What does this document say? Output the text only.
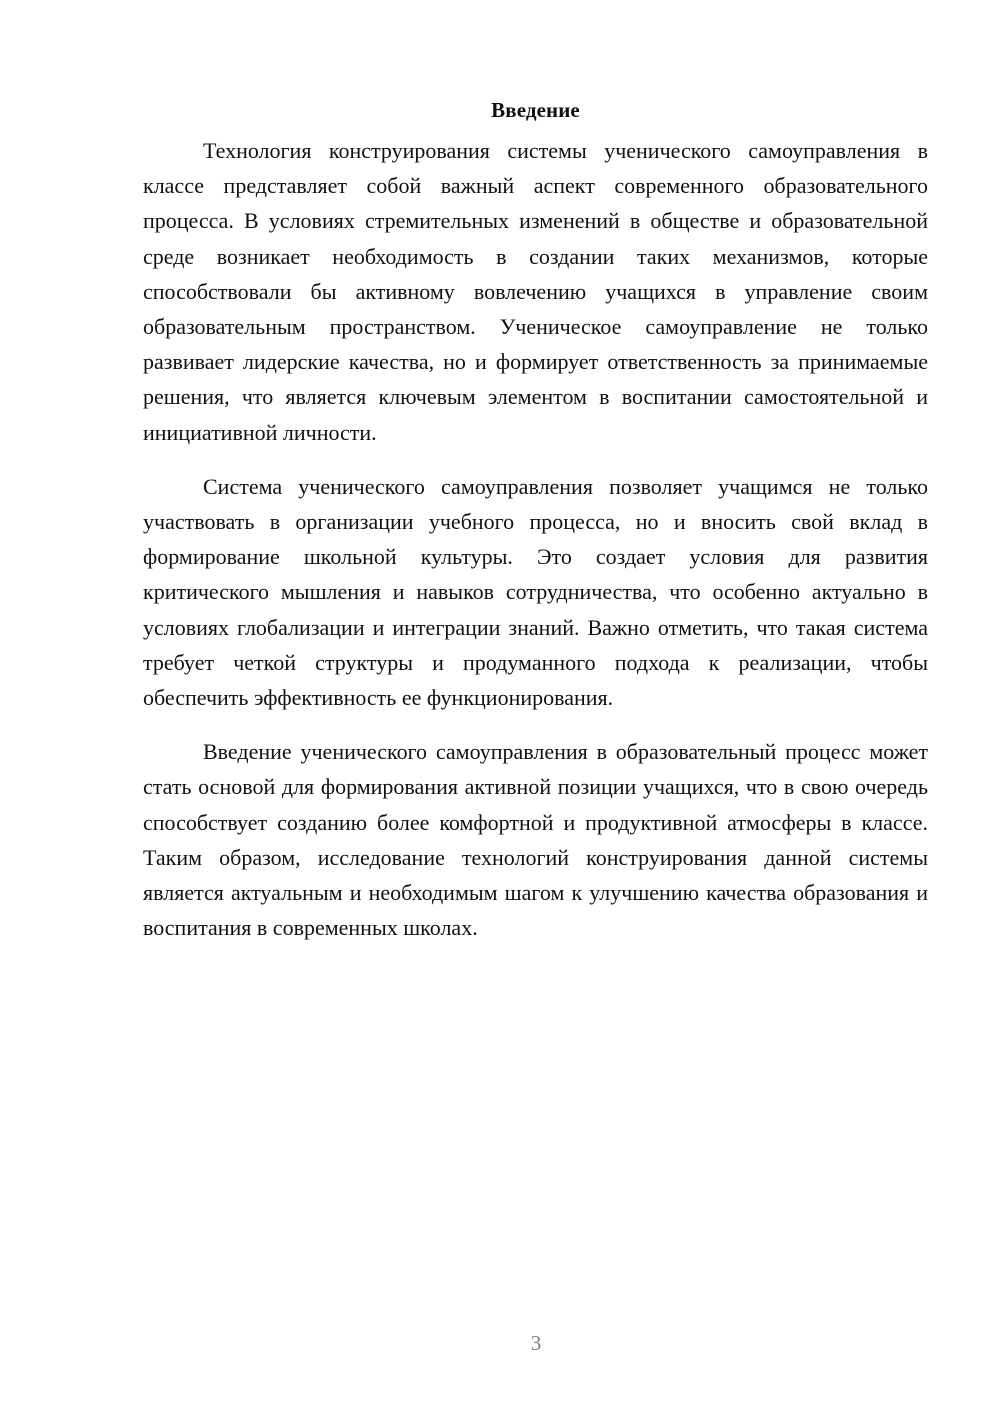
Введение

Технология конструирования системы ученического самоуправления в классе представляет собой важный аспект современного образовательного процесса. В условиях стремительных изменений в обществе и образовательной среде возникает необходимость в создании таких механизмов, которые способствовали бы активному вовлечению учащихся в управление своим образовательным пространством. Ученическое самоуправление не только развивает лидерские качества, но и формирует ответственность за принимаемые решения, что является ключевым элементом в воспитании самостоятельной и инициативной личности.

Система ученического самоуправления позволяет учащимся не только участвовать в организации учебного процесса, но и вносить свой вклад в формирование школьной культуры. Это создает условия для развития критического мышления и навыков сотрудничества, что особенно актуально в условиях глобализации и интеграции знаний. Важно отметить, что такая система требует четкой структуры и продуманного подхода к реализации, чтобы обеспечить эффективность ее функционирования.

Введение ученического самоуправления в образовательный процесс может стать основой для формирования активной позиции учащихся, что в свою очередь способствует созданию более комфортной и продуктивной атмосферы в классе. Таким образом, исследование технологий конструирования данной системы является актуальным и необходимым шагом к улучшению качества образования и воспитания в современных школах.

3
